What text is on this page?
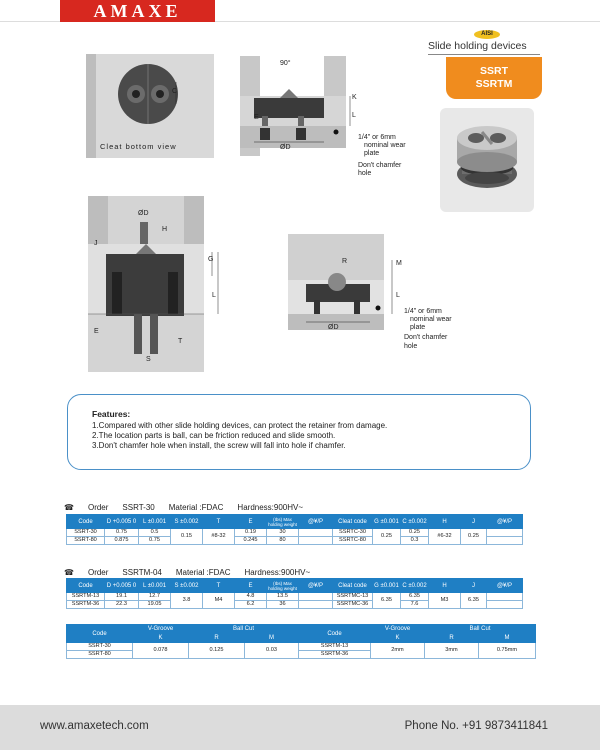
AMAXE
AISI
Slide holding devices
SSRT
SSRTM
C
Cleat bottom view
90°
K
L
E
ØD
1/4" or 6mm
nominal wear
plate
Don't chamfer
hole
ØD
H
J
G
L
E
S
T
R	M
L
ØD
1/4" or 6mm
nominal wear
plate
Don't chamfer
hole
Features:
1.Compared with other slide holding devices, can protect the retainer from damage.
2.The location parts is ball, can be friction reduced and slide smooth.
3.Don't chamfer hole when install, the screw will fall into hole if chamfer.
☎ Order SSRT-30 Material :FDAC Hardness:900HV~
Code	D +0.005 0	L ±0.001	S ±0.002	T	E	(Ibs) Max holding weight	@¥/P	Cleat code	G ±0.001	C ±0.002	H	J	@¥/P
SSRT-30	0.75	0.5	0.15	#8-32	0.19	30		SSRTC-30	0.25	0.25	#6-32	0.25	
SSRT-80	0.875	0.75			0.245	80		SSRTC-80		0.3			
☎ Order SSRTM-04 Material :FDAC Hardness:900HV~
Code	D +0.005 0	L ±0.001	S ±0.002	T	E	(Ibs) Max holding weight	@¥/P	Cleat code	G ±0.001	C ±0.002	H	J	@¥/P
SSRTM-13	19.1	12.7	3.8	M4	4.8	13.5		SSRTMC-13	6.35	6.35	M3	6.35	
SSRTM-36	22.3	19.05			6.2	36		SSRTMC-36		7.6			
Code	V-Groove	Ball Cut		Code	V-Groove	Ball Cut	
	K	R	M		K	R	M
SSRT-30	0.078	0.125	0.03	SSRTM-13	2mm	3mm	0.75mm
SSRT-80				SSRTM-36			
www.amaxetech.com	Phone No. +91 9873411841
